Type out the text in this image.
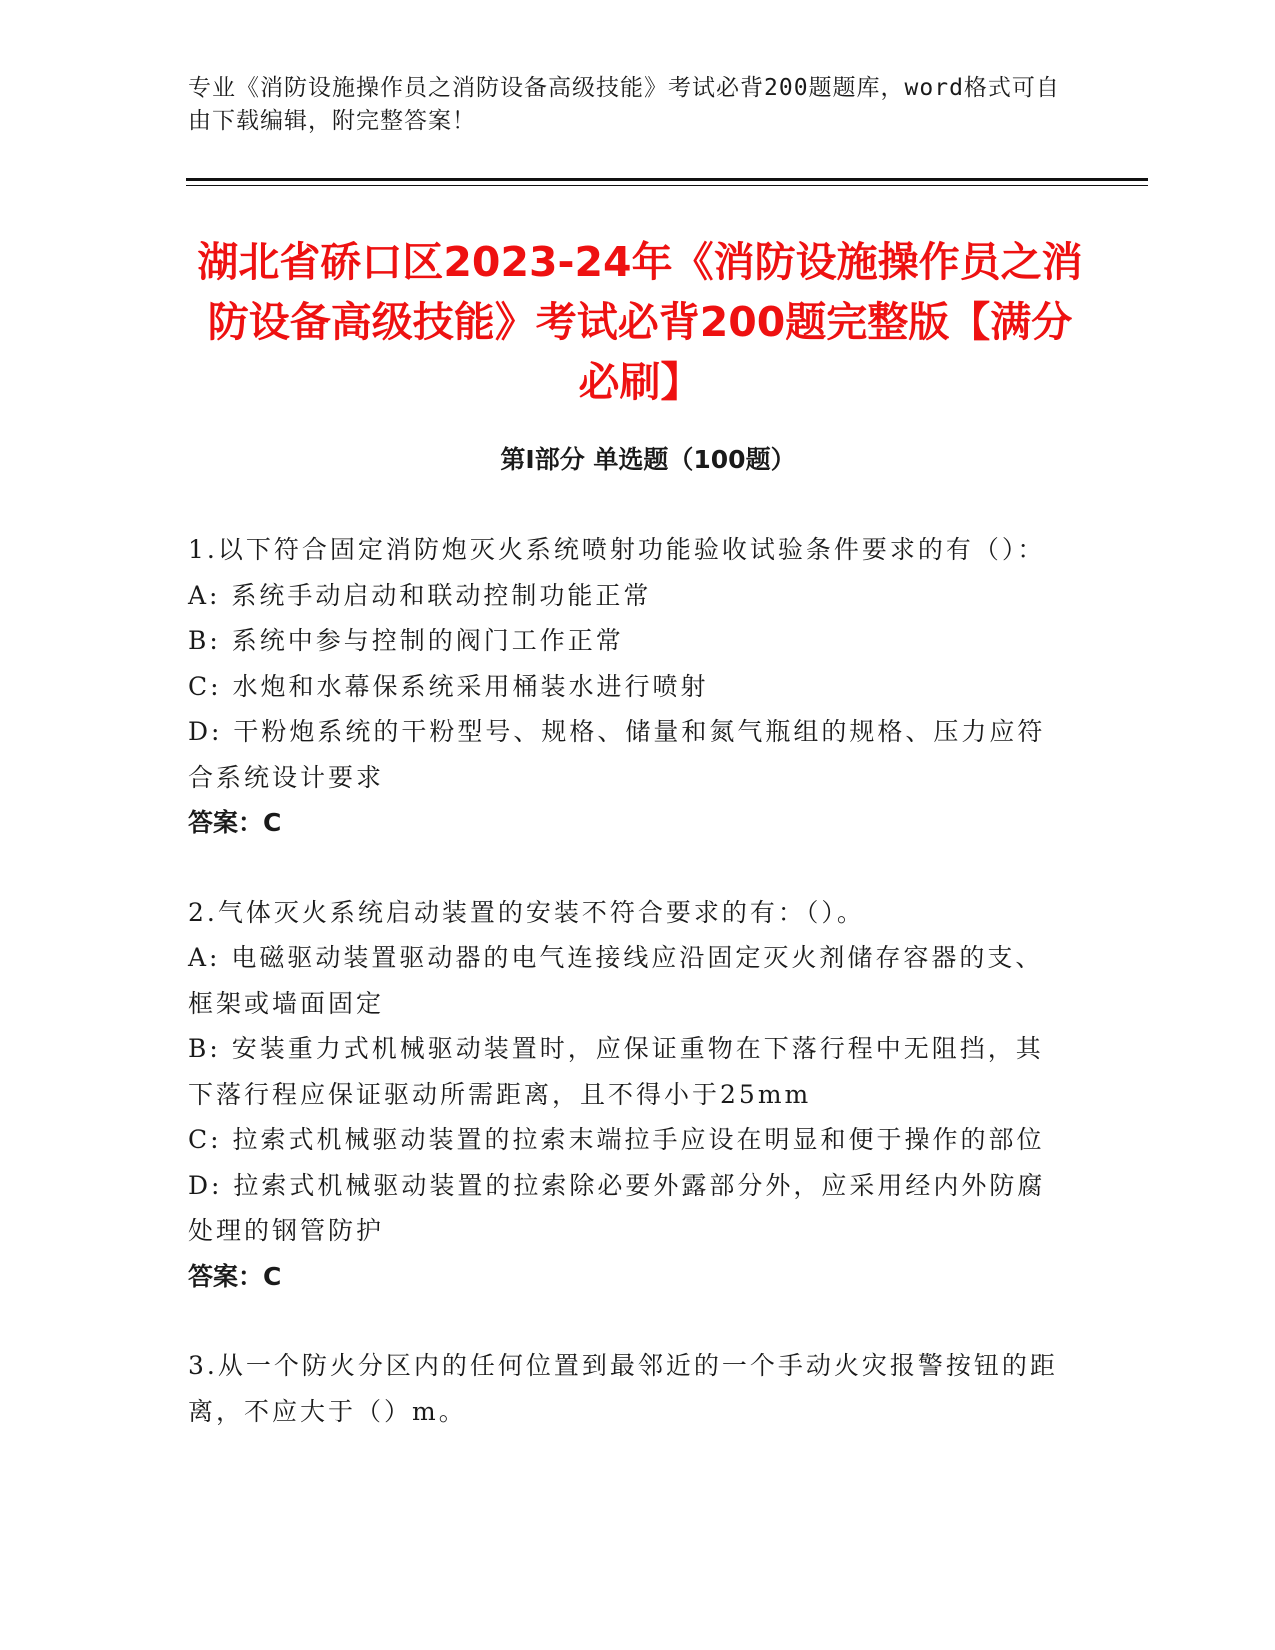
专业《消防设施操作员之消防设备高级技能》考试必背200题题库，word格式可自由下载编辑，附完整答案！
湖北省硚口区2023-24年《消防设施操作员之消防设备高级技能》考试必背200题完整版【满分必刷】
第Ⅰ部分 单选题（100题）
1.以下符合固定消防炮灭火系统喷射功能验收试验条件要求的有（）：
A: 系统手动启动和联动控制功能正常
B: 系统中参与控制的阀门工作正常
C: 水炮和水幕保系统采用桶装水进行喷射
D: 干粉炮系统的干粉型号、规格、储量和氮气瓶组的规格、压力应符合系统设计要求
答案：C
2.气体灭火系统启动装置的安装不符合要求的有：（）。
A: 电磁驱动装置驱动器的电气连接线应沿固定灭火剂储存容器的支、框架或墙面固定
B: 安装重力式机械驱动装置时，应保证重物在下落行程中无阻挡，其下落行程应保证驱动所需距离，且不得小于25mm
C: 拉索式机械驱动装置的拉索末端拉手应设在明显和便于操作的部位
D: 拉索式机械驱动装置的拉索除必要外露部分外，应采用经内外防腐处理的钢管防护
答案：C
3.从一个防火分区内的任何位置到最邻近的一个手动火灾报警按钮的距离，不应大于（）m。
